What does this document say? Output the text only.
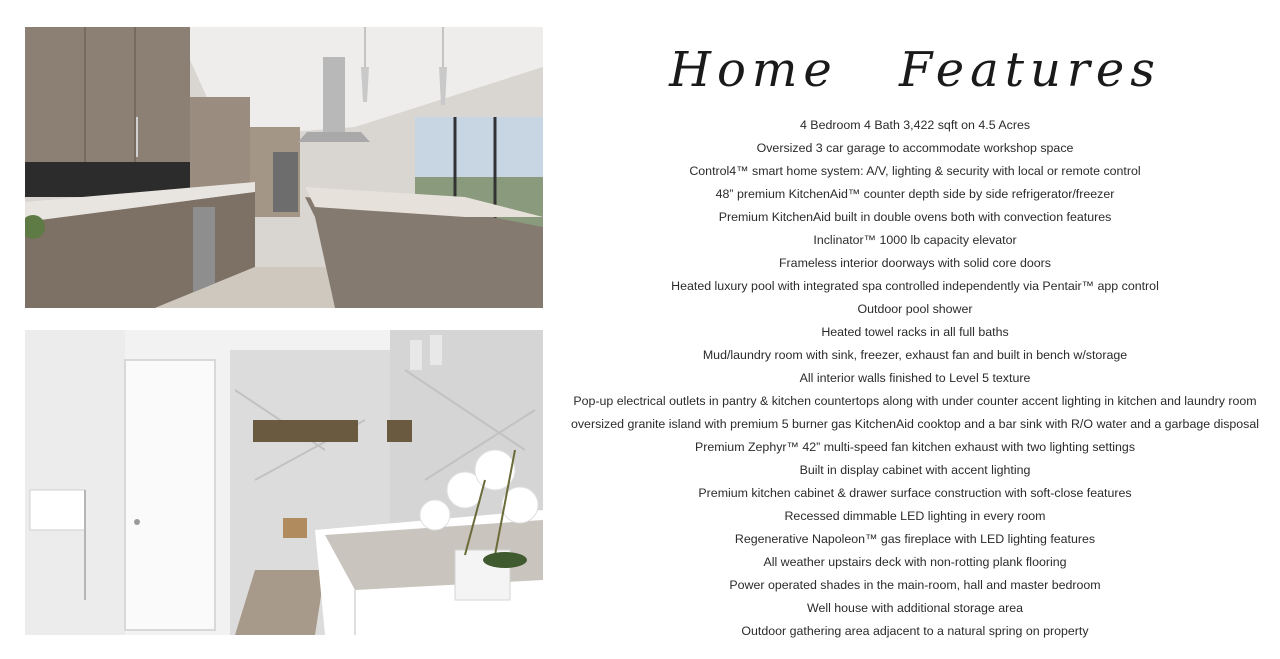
Home Features
4 Bedroom 4 Bath 3,422 sqft on 4.5 Acres
Oversized 3 car garage to accommodate workshop space
Control4™ smart home system: A/V, lighting & security with local or remote control
48” premium KitchenAid™ counter depth side by side refrigerator/freezer
Premium KitchenAid built in double ovens both with convection features
Inclinator™ 1000 lb capacity elevator
Frameless interior doorways with solid core doors
Heated luxury pool with integrated spa controlled independently via Pentair™ app control
Outdoor pool shower
Heated towel racks in all full baths
Mud/laundry room with sink, freezer, exhaust fan and built in bench w/storage
All interior walls finished to Level 5 texture
Pop-up electrical outlets in pantry & kitchen countertops along with under counter accent lighting in kitchen and laundry room
oversized granite island with premium 5 burner gas KitchenAid cooktop and a bar sink with R/O water and a garbage disposal
Premium Zephyr™ 42” multi-speed fan kitchen exhaust with two lighting settings
Built in display cabinet with accent lighting
Premium kitchen cabinet & drawer surface construction with soft-close features
Recessed dimmable LED lighting in every room
Regenerative Napoleon™ gas fireplace with LED lighting features
All weather upstairs deck with non-rotting plank flooring
Power operated shades in the main-room, hall and master bedroom
Well house with additional storage area
Outdoor gathering area adjacent to a natural spring on property
